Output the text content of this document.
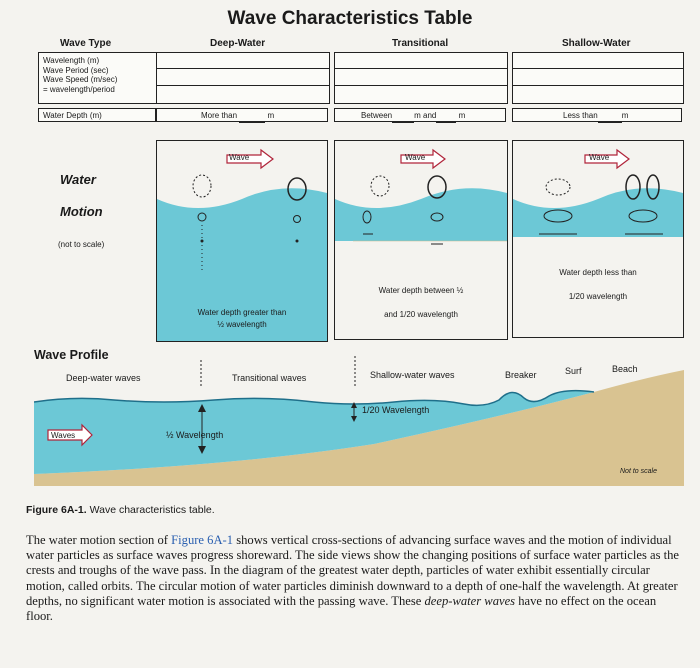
Wave Characteristics Table
Wave Type	Deep-Water	Transitional	Shallow-Water
Wavelength (m)
Wave Period (sec)
Wave Speed (m/sec)
= wavelength/period
Water Depth (m)	More than	m	Between	m and	m	Less than	m
Water
Motion
(not to scale)
Wave
Water depth greater than
½ wavelength
Wave
Water depth between ½
and 1/20 wavelength
Wave
Water depth less than
1/20 wavelength
Wave Profile
Deep-water waves	Transitional waves	Shallow-water waves	Breaker	Surf	Beach
Waves	½ Wavelength
1/20 Wavelength
Not to scale
Figure 6A-1. Wave characteristics table.
The water motion section of Figure 6A-1 shows vertical cross-sections of advancing surface waves and the motion of individual water particles as surface waves progress shoreward. The side views show the changing positions of surface water particles as the crests and troughs of the wave pass. In the diagram of the greatest water depth, particles of water exhibit essentially circular motion, called orbits. The circular motion of water particles diminish downward to a depth of one-half the wavelength. At greater depths, no significant water motion is associated with the passing wave. These deep-water waves have no effect on the ocean floor.
